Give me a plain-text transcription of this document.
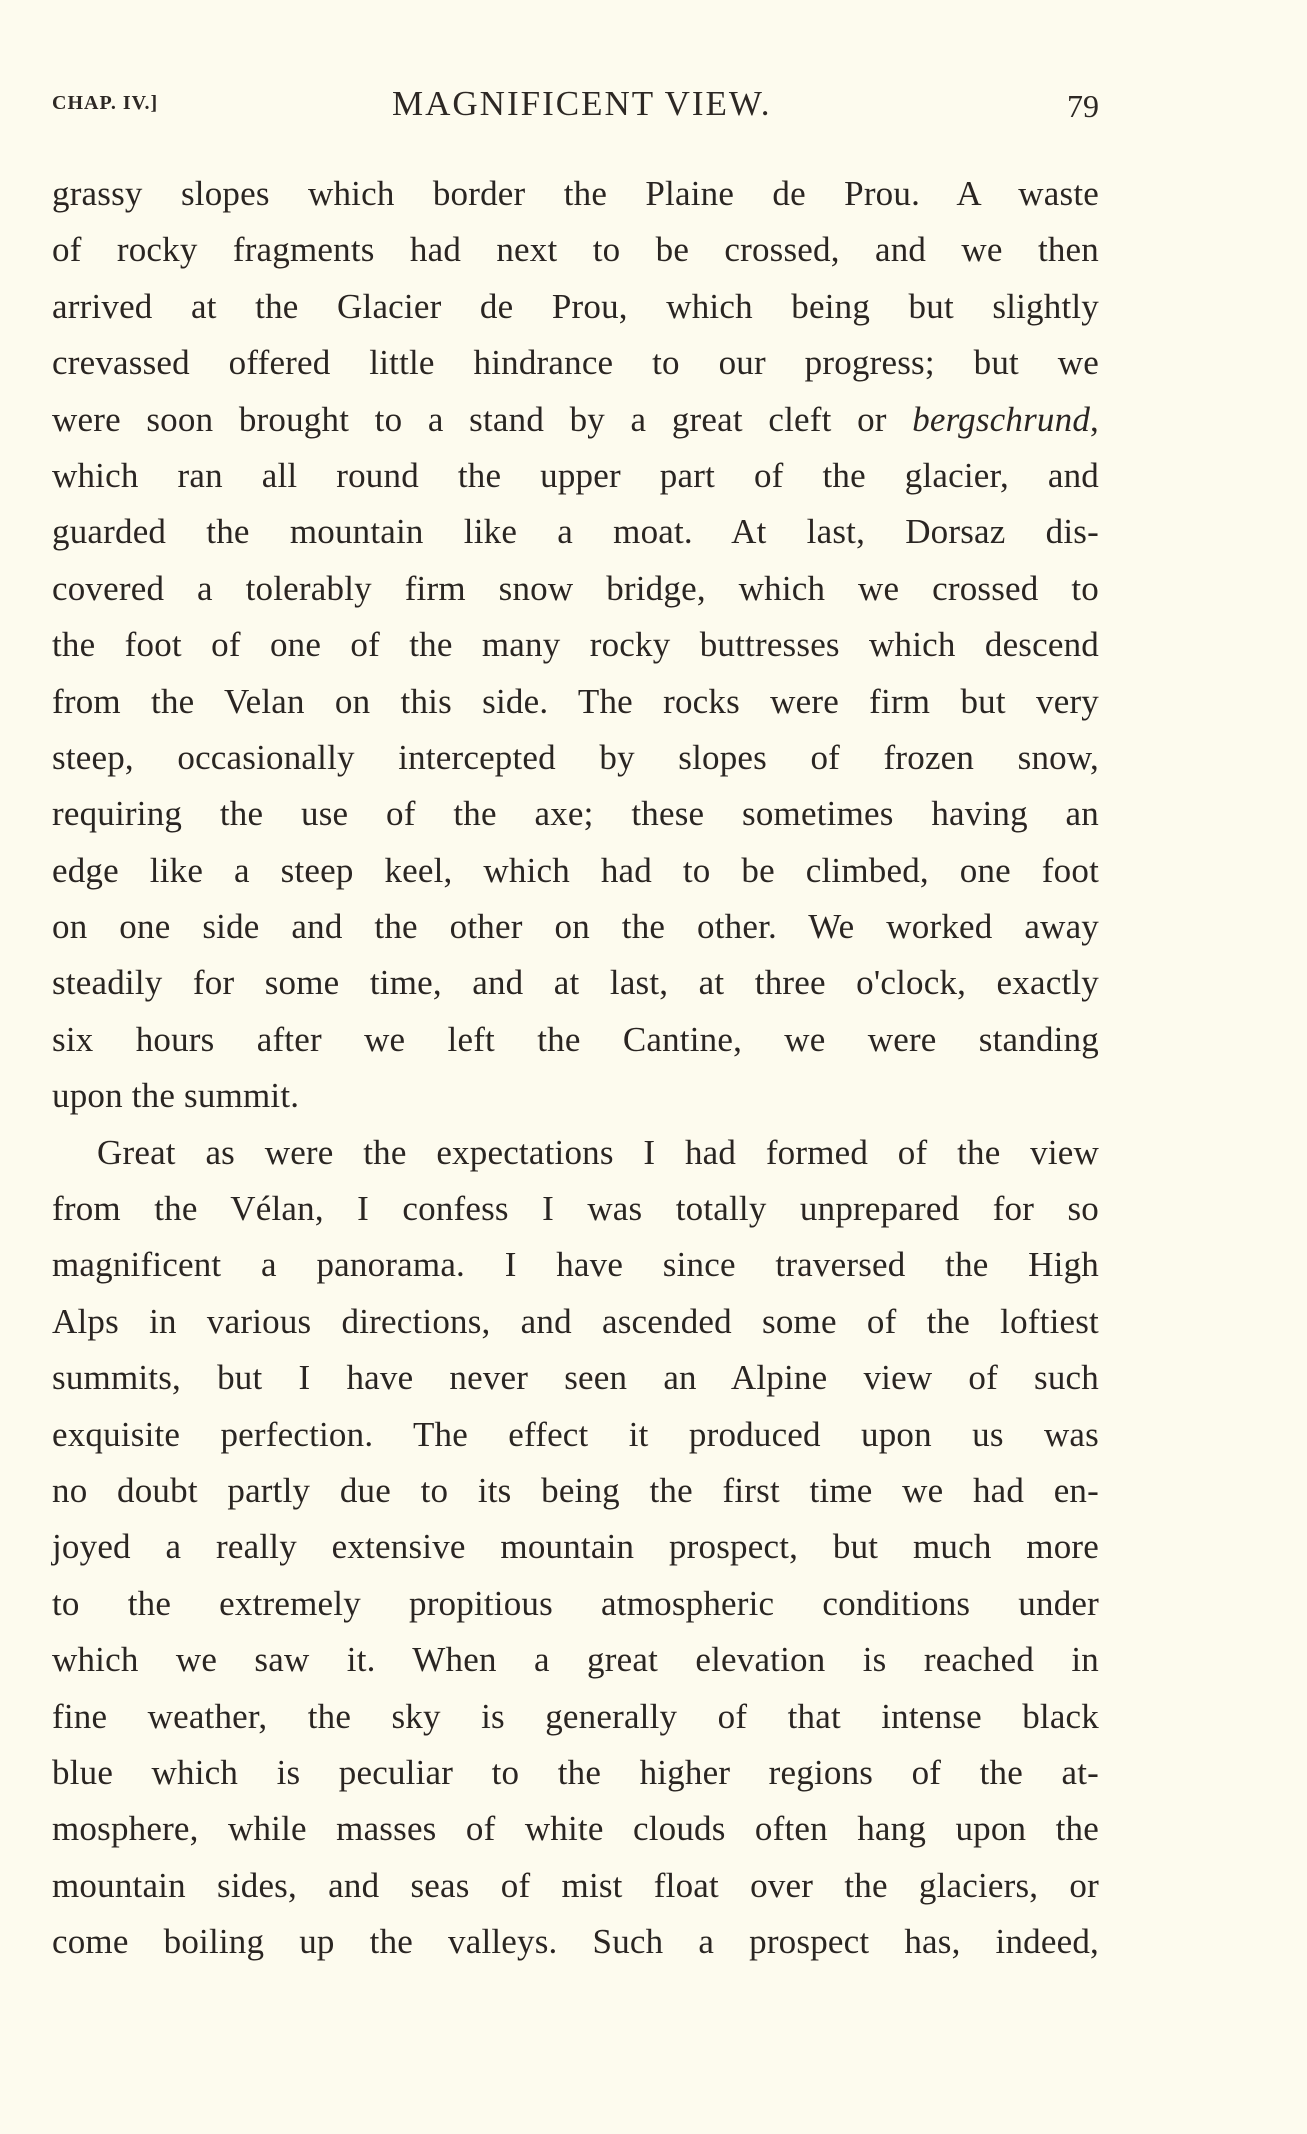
CHAP. IV.]	MAGNIFICENT VIEW.	79
grassy slopes which border the Plaine de Prou. A waste
of rocky fragments had next to be crossed, and we then
arrived at the Glacier de Prou, which being but slightly
crevassed offered little hindrance to our progress; but we
were soon brought to a stand by a great cleft or bergschrund,
which ran all round the upper part of the glacier, and
guarded the mountain like a moat. At last, Dorsaz dis-
covered a tolerably firm snow bridge, which we crossed to
the foot of one of the many rocky buttresses which descend
from the Velan on this side. The rocks were firm but very
steep, occasionally intercepted by slopes of frozen snow,
requiring the use of the axe; these sometimes having an
edge like a steep keel, which had to be climbed, one foot
on one side and the other on the other. We worked away
steadily for some time, and at last, at three o'clock, exactly
six hours after we left the Cantine, we were standing
upon the summit.
Great as were the expectations I had formed of the view
from the Vélan, I confess I was totally unprepared for so
magnificent a panorama. I have since traversed the High
Alps in various directions, and ascended some of the loftiest
summits, but I have never seen an Alpine view of such
exquisite perfection. The effect it produced upon us was
no doubt partly due to its being the first time we had en-
joyed a really extensive mountain prospect, but much more
to the extremely propitious atmospheric conditions under
which we saw it. When a great elevation is reached in
fine weather, the sky is generally of that intense black
blue which is peculiar to the higher regions of the at-
mosphere, while masses of white clouds often hang upon the
mountain sides, and seas of mist float over the glaciers, or
come boiling up the valleys. Such a prospect has, indeed,
